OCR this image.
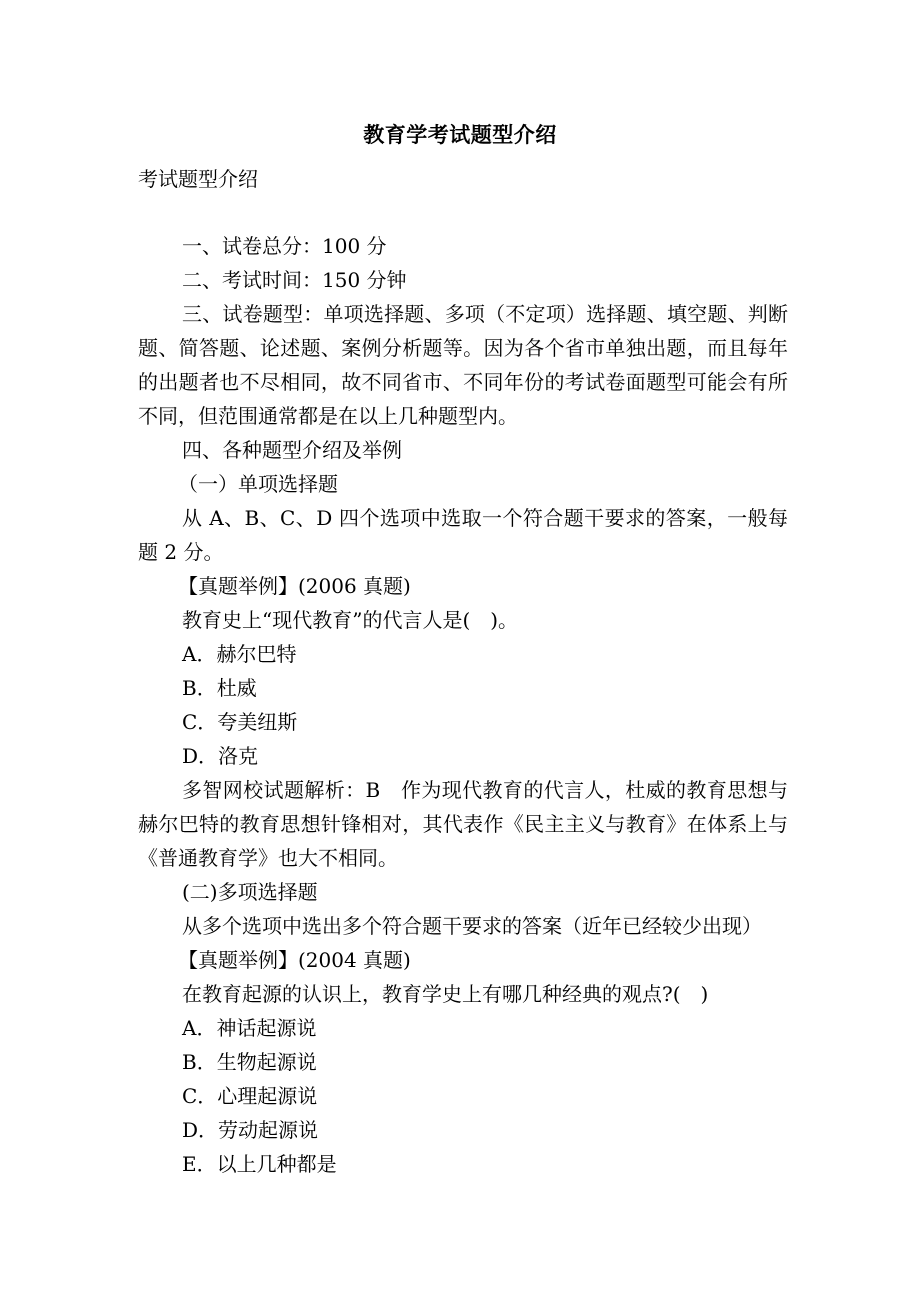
教育学考试题型介绍
考试题型介绍

一、试卷总分：100 分

二、考试时间：150 分钟

三、试卷题型：单项选择题、多项（不定项）选择题、填空题、判断题、简答题、论述题、案例分析题等。因为各个省市单独出题，而且每年的出题者也不尽相同，故不同省市、不同年份的考试卷面题型可能会有所不同，但范围通常都是在以上几种题型内。

四、各种题型介绍及举例

（一）单项选择题

从 A、B、C、D 四个选项中选取一个符合题干要求的答案，一般每题 2 分。

【真题举例】(2006 真题)

教育史上“现代教育”的代言人是(　)。

A．赫尔巴特

B．杜威

C．夸美纽斯

D．洛克

多智网校试题解析：B　作为现代教育的代言人，杜威的教育思想与赫尔巴特的教育思想针锋相对，其代表作《民主主义与教育》在体系上与《普通教育学》也大不相同。

(二)多项选择题

从多个选项中选出多个符合题干要求的答案（近年已经较少出现）

【真题举例】(2004 真题)

在教育起源的认识上，教育学史上有哪几种经典的观点?(　)

A．神话起源说

B．生物起源说

C．心理起源说

D．劳动起源说

E．以上几种都是
